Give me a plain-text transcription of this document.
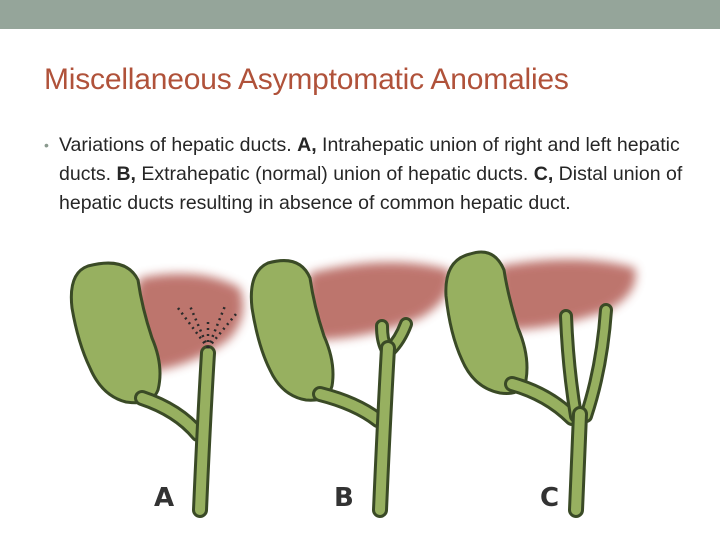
Miscellaneous Asymptomatic Anomalies
• Variations of hepatic ducts. A, Intrahepatic union of right and left hepatic ducts. B, Extrahepatic (normal) union of hepatic ducts. C, Distal union of hepatic ducts resulting in absence of common hepatic duct.
A	B	C
